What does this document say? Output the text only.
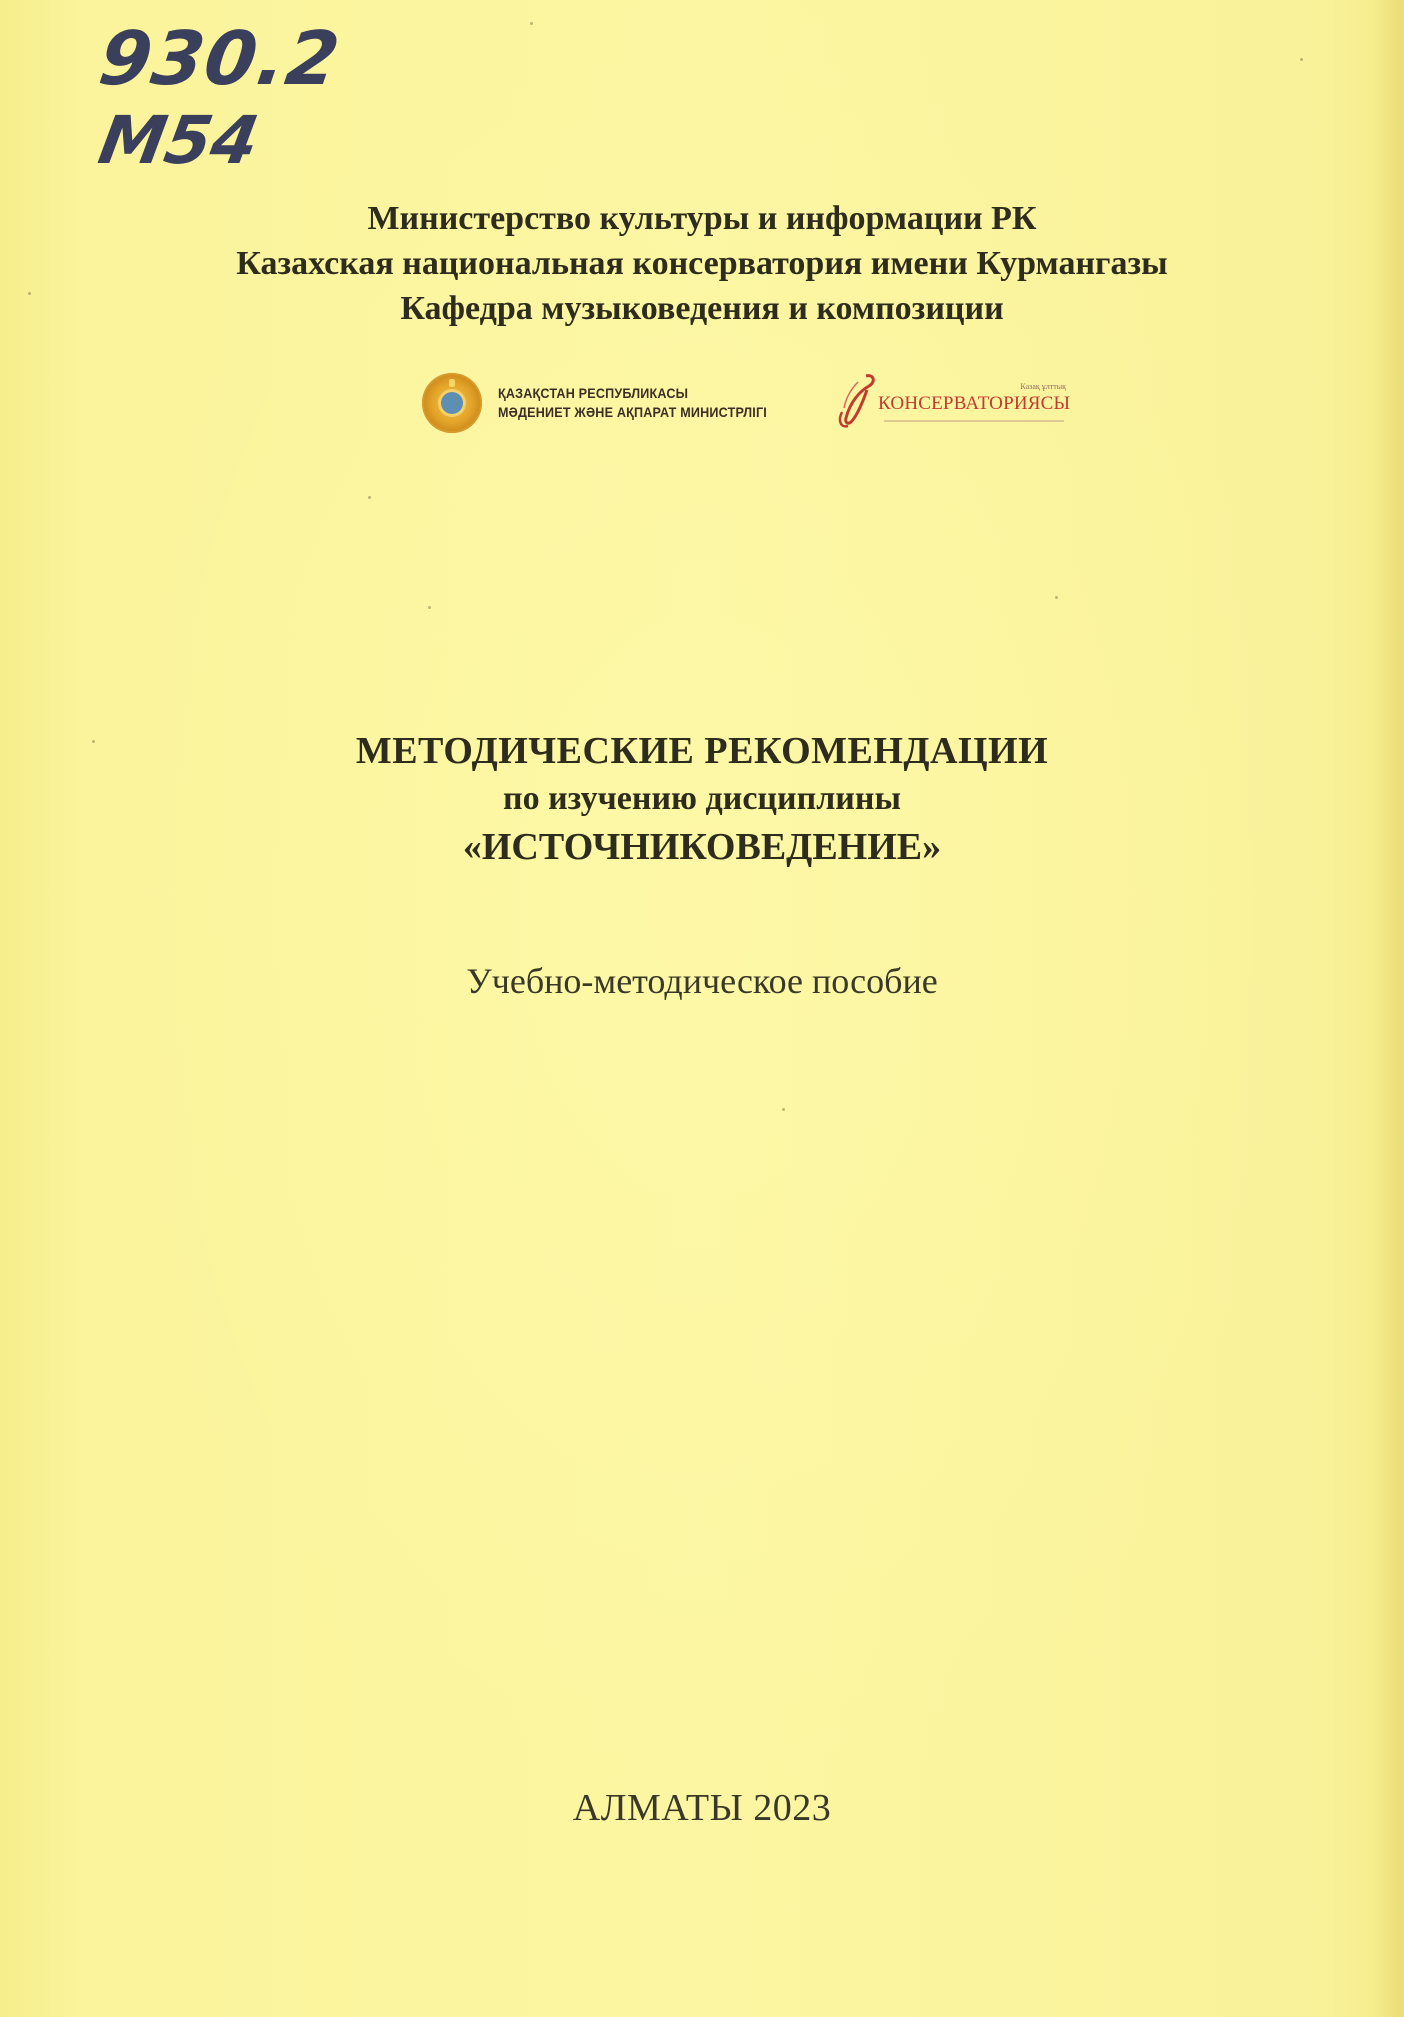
930.2
М54
Министерство культуры и информации РК
Казахская национальная консерватория имени Курмангазы
Кафедра музыковедения и композиции
ҚАЗАҚСТАН РЕСПУБЛИКАСЫ
МӘДЕНИЕТ ЖӘНЕ АҚПАРАТ МИНИСТРЛІГІ
Казақ ұлттық
КОНСЕРВАТОРИЯСЫ
МЕТОДИЧЕСКИЕ РЕКОМЕНДАЦИИ
по изучению дисциплины
«ИСТОЧНИКОВЕДЕНИЕ»
Учебно-методическое пособие
АЛМАТЫ 2023
